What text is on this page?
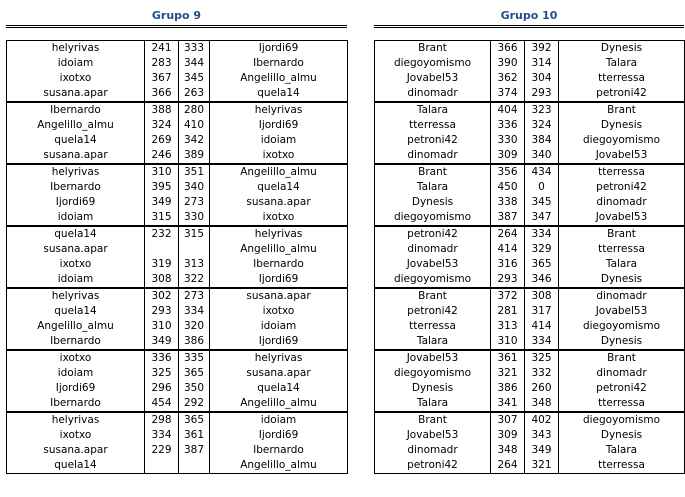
Grupo 9
helyrivas	241	333	Ijordi69
idoiam	283	344	Ibernardo
ixotxo	367	345	Angelillo_almu
susana.apar	366	263	quela14
Ibernardo	388	280	helyrivas
Angelillo_almu	324	410	Ijordi69
quela14	269	342	idoiam
susana.apar	246	389	ixotxo
helyrivas	310	351	Angelillo_almu
Ibernardo	395	340	quela14
Ijordi69	349	273	susana.apar
idoiam	315	330	ixotxo
quela14	232	315	helyrivas
susana.apar			Angelillo_almu
ixotxo	319	313	Ibernardo
idoiam	308	322	Ijordi69
helyrivas	302	273	susana.apar
quela14	293	334	ixotxo
Angelillo_almu	310	320	idoiam
Ibernardo	349	386	Ijordi69
ixotxo	336	335	helyrivas
idoiam	325	365	susana.apar
Ijordi69	296	350	quela14
Ibernardo	454	292	Angelillo_almu
helyrivas	298	365	idoiam
ixotxo	334	361	Ijordi69
susana.apar	229	387	Ibernardo
quela14			Angelillo_almu
Grupo 10
Brant	366	392	Dynesis
diegoyomismo	390	314	Talara
Jovabel53	362	304	tterressa
dinomadr	374	293	petroni42
Talara	404	323	Brant
tterressa	336	324	Dynesis
petroni42	330	384	diegoyomismo
dinomadr	309	340	Jovabel53
Brant	356	434	tterressa
Talara	450	0	petroni42
Dynesis	338	345	dinomadr
diegoyomismo	387	347	Jovabel53
petroni42	264	334	Brant
dinomadr	414	329	tterressa
Jovabel53	316	365	Talara
diegoyomismo	293	346	Dynesis
Brant	372	308	dinomadr
petroni42	281	317	Jovabel53
tterressa	313	414	diegoyomismo
Talara	310	334	Dynesis
Jovabel53	361	325	Brant
diegoyomismo	321	332	dinomadr
Dynesis	386	260	petroni42
Talara	341	348	tterressa
Brant	307	402	diegoyomismo
Jovabel53	309	343	Dynesis
dinomadr	348	349	Talara
petroni42	264	321	tterressa
